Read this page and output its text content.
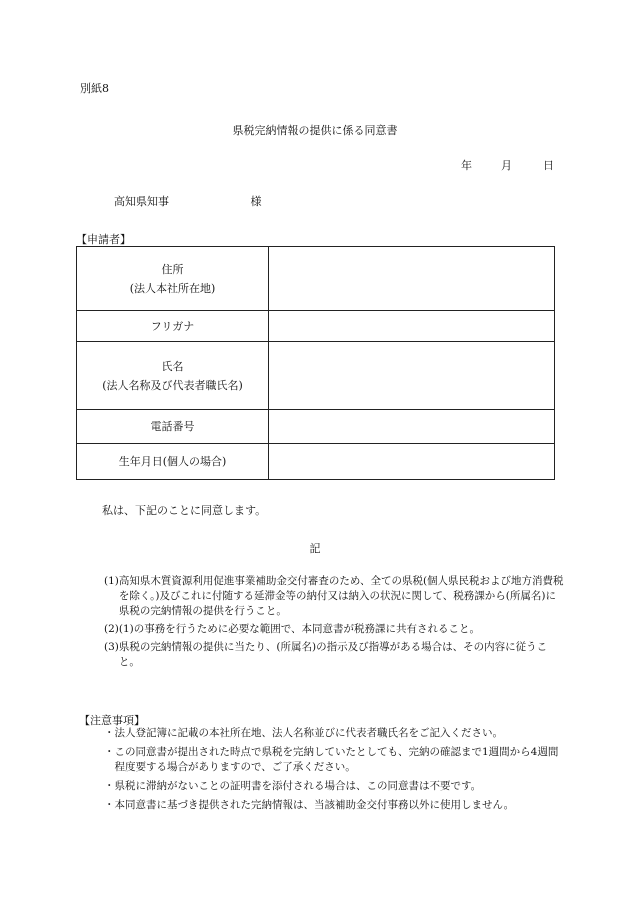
別紙8
県税完納情報の提供に係る同意書
年	月	日
高知県知事	様
【申請者】
住所
(法人本社所在地)	

フリガナ	

氏名
(法人名称及び代表者職氏名)	

電話番号	
生年月日(個人の場合)	
私は、下記のことに同意します。
記
(1) 高知県木質資源利用促進事業補助金交付審査のため、全ての県税(個人県民税および地方消費税を除く。)及びこれに付随する延滞金等の納付又は納入の状況に関して、税務課から(所属名)に県税の完納情報の提供を行うこと。
(2) (1)の事務を行うために必要な範囲で、本同意書が税務課に共有されること。
(3) 県税の完納情報の提供に当たり、(所属名)の指示及び指導がある場合は、その内容に従うこと。
【注意事項】
・ 法人登記簿に記載の本社所在地、法人名称並びに代表者職氏名をご記入ください。
・ この同意書が提出された時点で県税を完納していたとしても、完納の確認まで1週間から4週間程度要する場合がありますので、ご了承ください。
・ 県税に滞納がないことの証明書を添付される場合は、この同意書は不要です。
・ 本同意書に基づき提供された完納情報は、当該補助金交付事務以外に使用しません。
